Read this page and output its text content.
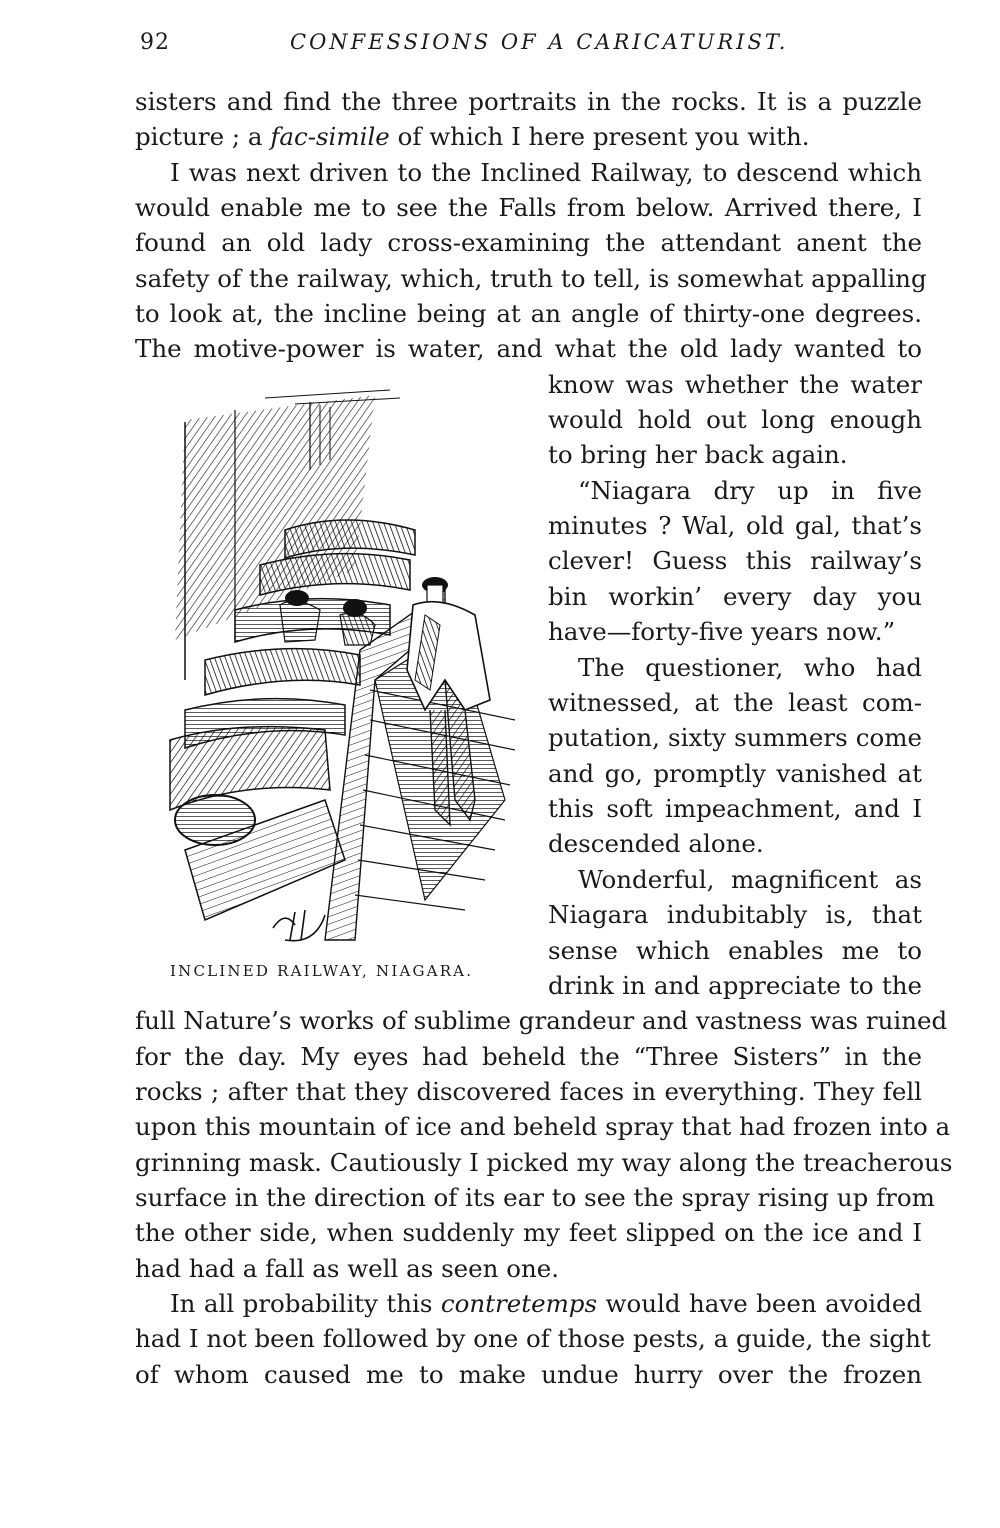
92	CONFESSIONS OF A CARICATURIST.
sisters and find the three portraits in the rocks. It is a puzzle
picture ; a fac-simile of which I here present you with.
I was next driven to the Inclined Railway, to descend which
would enable me to see the Falls from below. Arrived there, I
found an old lady cross-examining the attendant anent the
safety of the railway, which, truth to tell, is somewhat appalling
to look at, the incline being at an angle of thirty-one degrees.
The motive-power is water, and what the old lady wanted to
know was whether the water
would hold out long enough
to bring her back again.
“Niagara dry up in five
minutes ? Wal, old gal, that’s
clever! Guess this railway’s
bin workin’ every day you
have—forty-five years now.”
The questioner, who had
witnessed, at the least com-
putation, sixty summers come
and go, promptly vanished at
this soft impeachment, and I
descended alone.
Wonderful, magnificent as
Niagara indubitably is, that
sense which enables me to
drink in and appreciate to the
full Nature’s works of sublime grandeur and vastness was ruined
for the day. My eyes had beheld the “Three Sisters” in the
rocks ; after that they discovered faces in everything. They fell
upon this mountain of ice and beheld spray that had frozen into a
grinning mask. Cautiously I picked my way along the treacherous
surface in the direction of its ear to see the spray rising up from
the other side, when suddenly my feet slipped on the ice and I
had had a fall as well as seen one.
In all probability this contretemps would have been avoided
had I not been followed by one of those pests, a guide, the sight
of whom caused me to make undue hurry over the frozen
INCLINED RAILWAY, NIAGARA.
